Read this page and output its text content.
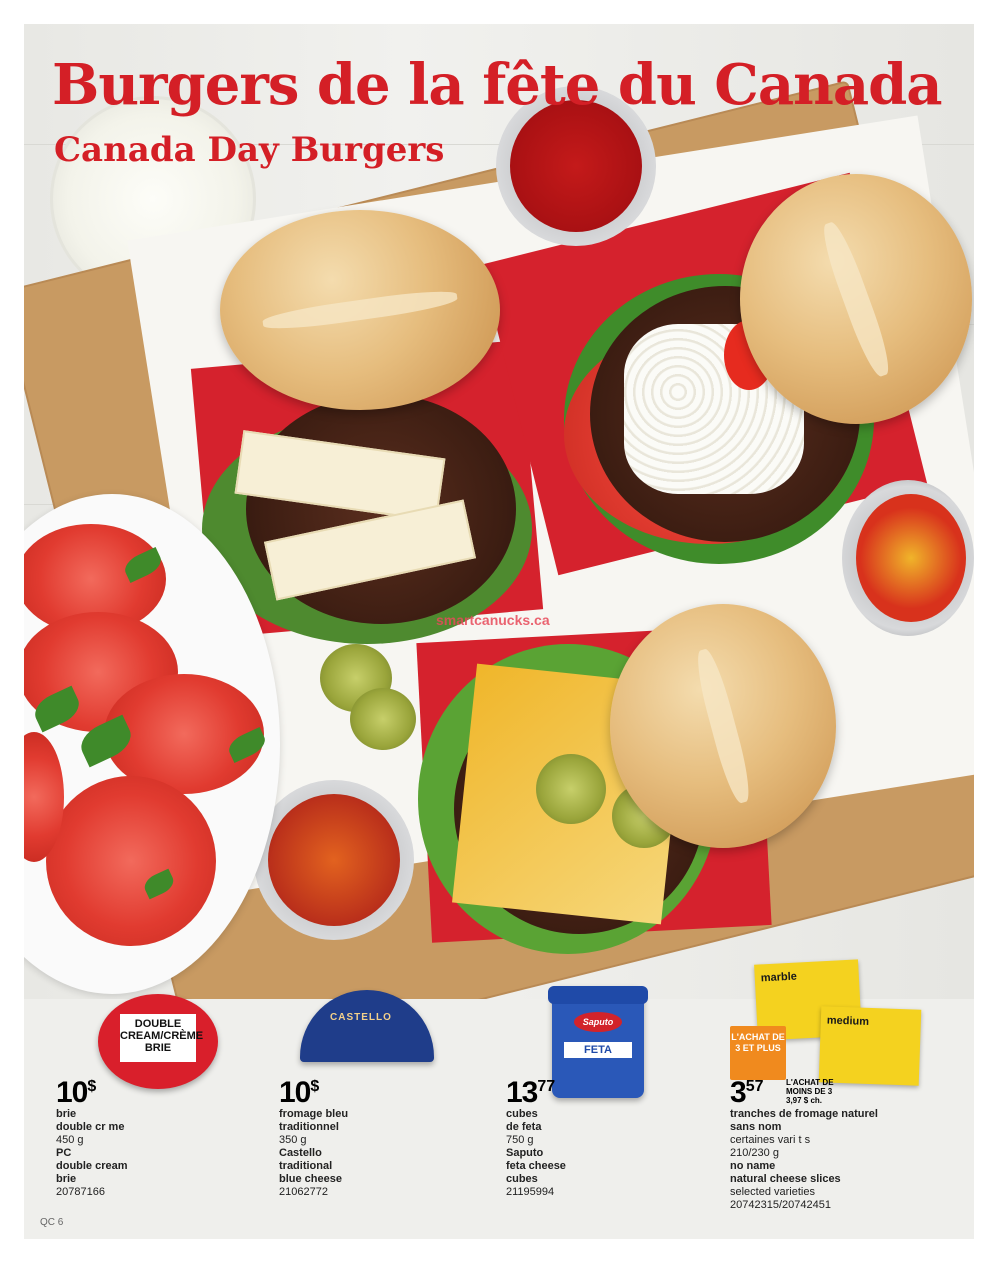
Burgers de la fête du Canada
Canada Day Burgers
smartcanucks.ca
DOUBLE CREAM/CRÈME BRIE
10$
brie
double cr me
450 g
PC
double cream
brie
20787166
CASTELLO
10$
fromage bleu
traditionnel
350 g
Castello
traditional
blue cheese
21062772
Saputo
FETA
1377
cubes
de feta
750 g
Saputo
feta cheese
cubes
21195994
marble
medium
L'ACHAT DE 3 ET PLUS
357	L'ACHAT DE MOINS DE 3
3,97 $ ch.
tranches de fromage naturel
sans nom
certaines vari t s
210/230 g
no name
natural cheese slices
selected varieties
20742315/20742451
QC 6
